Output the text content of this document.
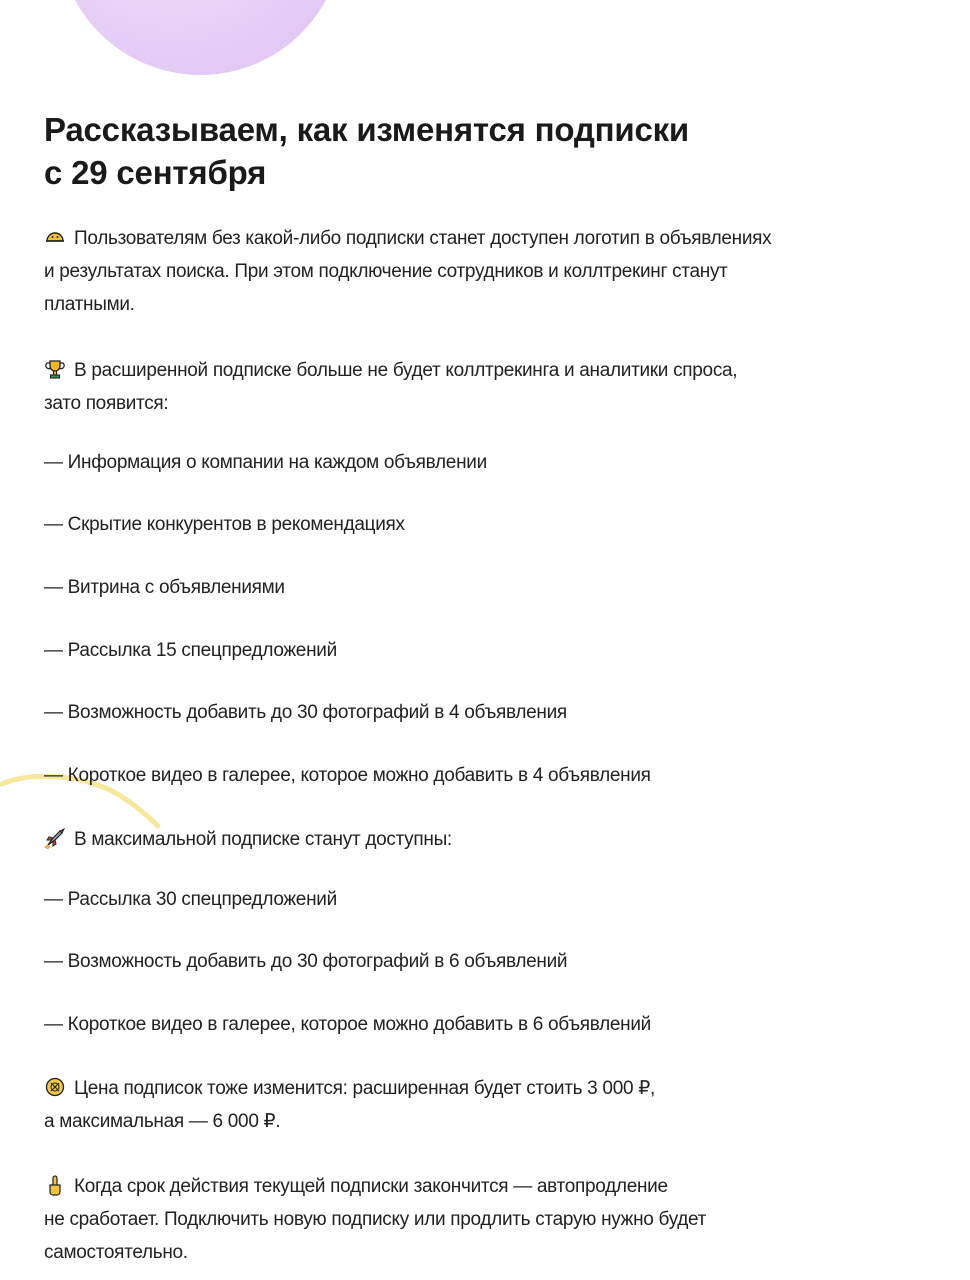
Рассказываем, как изменятся подписки
с 29 сентября
Пользователям без какой-либо подписки станет доступен логотип в объявлениях
и результатах поиска. При этом подключение сотрудников и коллтрекинг станут
платными.
В расширенной подписке больше не будет коллтрекинга и аналитики спроса,
зато появится:
— Информация о компании на каждом объявлении
— Скрытие конкурентов в рекомендациях
— Витрина с объявлениями
— Рассылка 15 спецпредложений
— Возможность добавить до 30 фотографий в 4 объявления
— Короткое видео в галерее, которое можно добавить в 4 объявления
В максимальной подписке станут доступны:
— Рассылка 30 спецпредложений
— Возможность добавить до 30 фотографий в 6 объявлений
— Короткое видео в галерее, которое можно добавить в 6 объявлений
Цена подписок тоже изменится: расширенная будет стоить 3 000 ₽,
а максимальная — 6 000 ₽.
Когда срок действия текущей подписки закончится — автопродление
не сработает. Подключить новую подписку или продлить старую нужно будет
самостоятельно.
